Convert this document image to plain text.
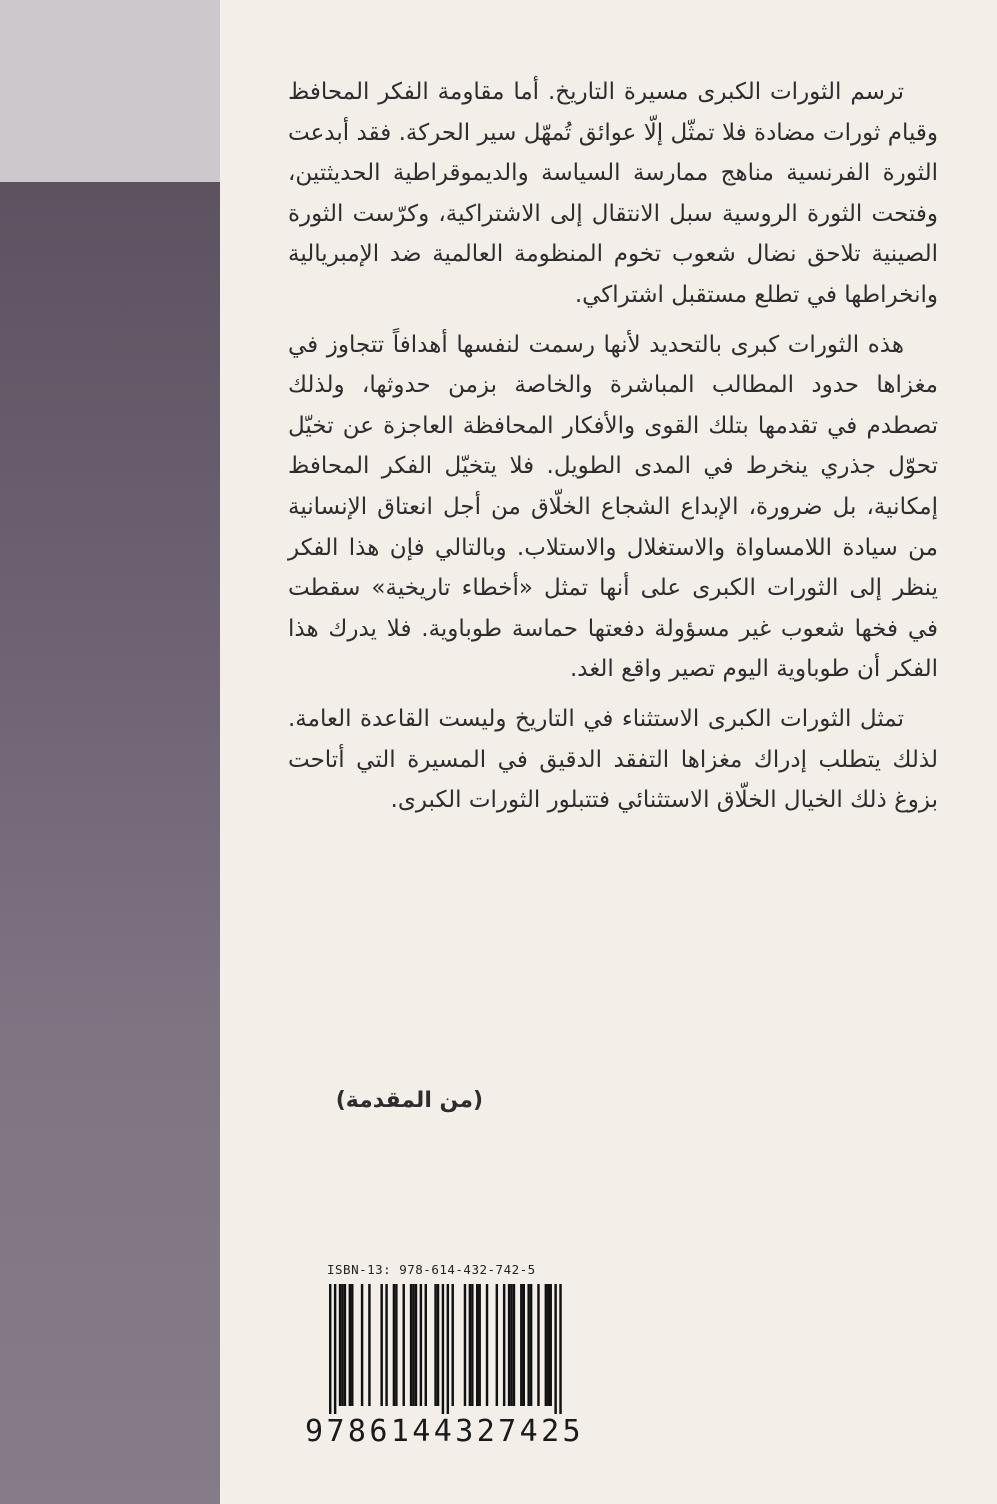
ترسم الثورات الكبرى مسيرة التاريخ. أما مقاومة الفكر المحافظ وقيام ثورات مضادة فلا تمثّل إلّا عوائق تُمهّل سير الحركة. فقد أبدعت الثورة الفرنسية مناهج ممارسة السياسة والديموقراطية الحديثتين، وفتحت الثورة الروسية سبل الانتقال إلى الاشتراكية، وكرّست الثورة الصينية تلاحق نضال شعوب تخوم المنظومة العالمية ضد الإمبريالية وانخراطها في تطلع مستقبل اشتراكي.

هذه الثورات كبرى بالتحديد لأنها رسمت لنفسها أهدافاً تتجاوز في مغزاها حدود المطالب المباشرة والخاصة بزمن حدوثها، ولذلك تصطدم في تقدمها بتلك القوى والأفكار المحافظة العاجزة عن تخيّل تحوّل جذري ينخرط في المدى الطويل. فلا يتخيّل الفكر المحافظ إمكانية، بل ضرورة، الإبداع الشجاع الخلّاق من أجل انعتاق الإنسانية من سيادة اللامساواة والاستغلال والاستلاب. وبالتالي فإن هذا الفكر ينظر إلى الثورات الكبرى على أنها تمثل «أخطاء تاريخية» سقطت في فخها شعوب غير مسؤولة دفعتها حماسة طوباوية. فلا يدرك هذا الفكر أن طوباوية اليوم تصير واقع الغد.

تمثل الثورات الكبرى الاستثناء في التاريخ وليست القاعدة العامة. لذلك يتطلب إدراك مغزاها التفقد الدقيق في المسيرة التي أتاحت بزوغ ذلك الخيال الخلّاق الاستثنائي فتتبلور الثورات الكبرى.

(من المقدمة)
ISBN-13: 978-614-432-742-5
9786144327425
